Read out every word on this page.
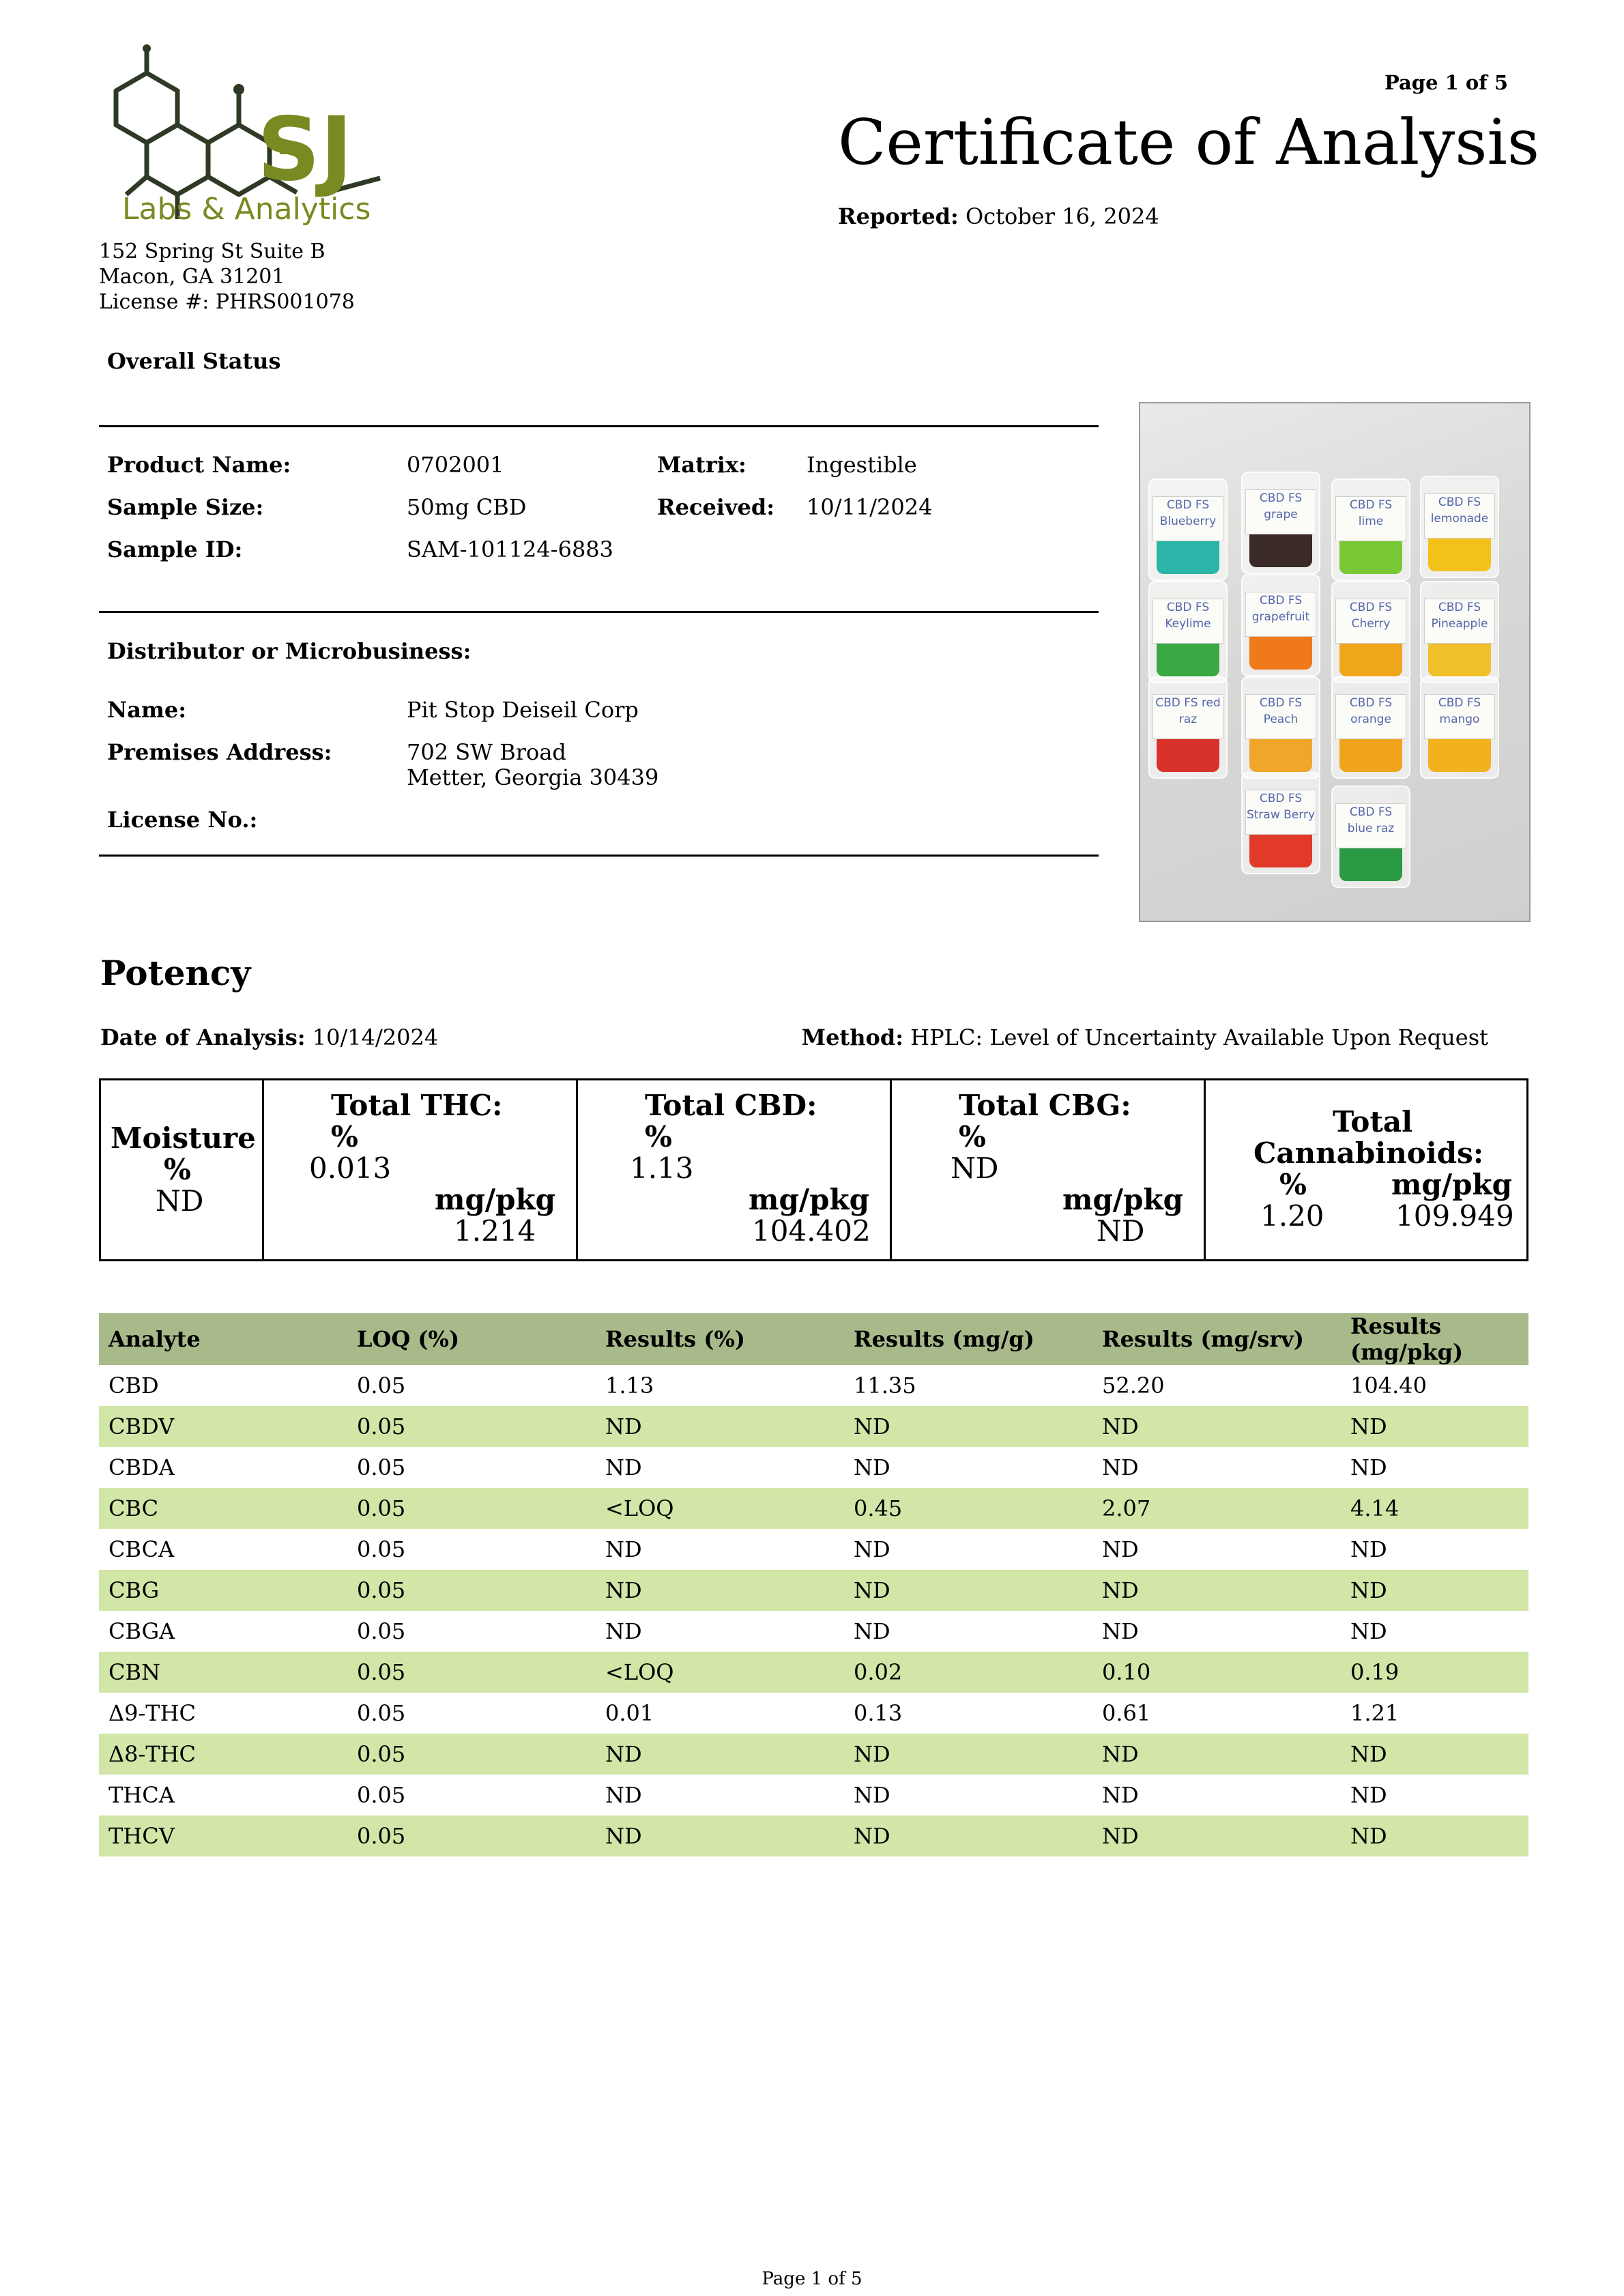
SJ
Labs & Analytics
152 Spring St Suite B
Macon, GA 31201
License #: PHRS001078
Page 1 of 5
Certificate of Analysis
Reported: October 16, 2024
Overall Status
Product Name:	0702001	Matrix:	Ingestible
Sample Size:	50mg CBD	Received: 10/11/2024
Sample ID:	SAM-101124-6883
Distributor or Microbusiness:
Name:	Pit Stop Deiseil Corp
Premises Address:	702 SW Broad
Metter, Georgia 30439
License No.:
CBD FS Blueberry
CBD FS grape
CBD FS lime
CBD FS lemonade
CBD FS Keylime
CBD FS grapefruit
CBD FS Cherry
CBD FS Pineapple
CBD FS red raz
CBD FS Peach
CBD FS orange
CBD FS mango
CBD FS Straw Berry	CBD FS blue raz
Potency
Date of Analysis: 10/14/2024	Method: HPLC: Level of Uncertainty Available Upon Request
Moisture
%
ND
Total THC:
%
0.013
mg/pkg
1.214
Total CBD:
%
1.13
mg/pkg
104.402
Total CBG:
%
ND
mg/pkg
ND
Total
Cannabinoids:
%	mg/pkg
1.20 109.949
Analyte	LOQ (%)	Results (%)	Results (mg/g)	Results (mg/srv)	Results (mg/pkg)
CBD	0.05	1.13	11.35	52.20	104.40
CBDV	0.05	ND	ND	ND	ND
CBDA	0.05	ND	ND	ND	ND
CBC	0.05	<LOQ	0.45	2.07	4.14
CBCA	0.05	ND	ND	ND	ND
CBG	0.05	ND	ND	ND	ND
CBGA	0.05	ND	ND	ND	ND
CBN	0.05	<LOQ	0.02	0.10	0.19
Δ9-THC	0.05	0.01	0.13	0.61	1.21
Δ8-THC	0.05	ND	ND	ND	ND
THCA	0.05	ND	ND	ND	ND
THCV	0.05	ND	ND	ND	ND
Page 1 of 5
